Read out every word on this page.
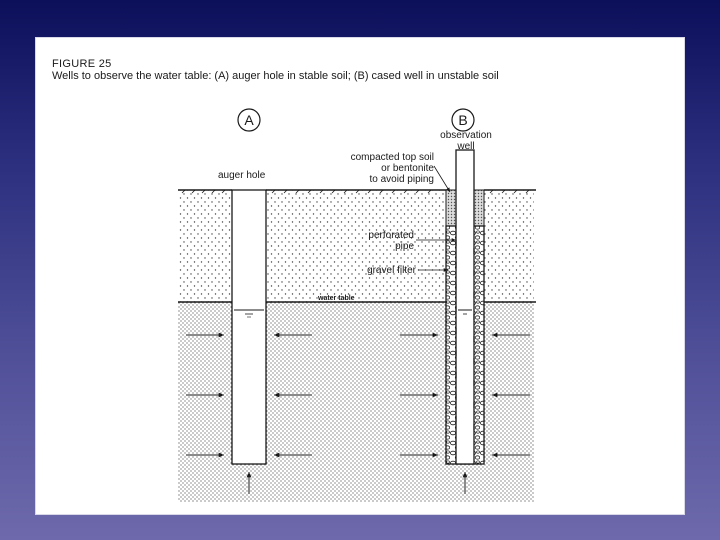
FIGURE 25
Wells to observe the water table: (A) auger hole in stable soil; (B) cased well in unstable soil
water table
A
auger hole
B
observation
well
compacted top soil
or bentonite
to avoid piping
perforated
pipe
gravel filter
